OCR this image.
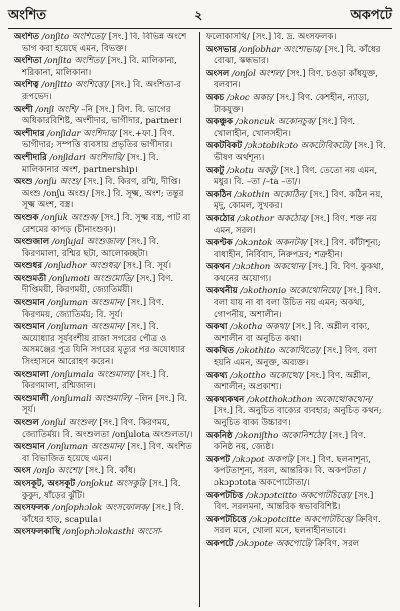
অংশিত	২	অকপটে

অংশিত /onʃito অংশিতো/ [সং.] বি. বিভিন্ন অংশে ভাগ করা হয়েছে এমন, বিভক্ত।

অংশিতা /onʃita অংশিতা/ [সং.] বি. মালিকানা, শরিকানা, মালিকানা।

অংশিত্ব /onʃitto অংশিত্তো/ [সং.] বি. অংশিতা-র রূপভেদ।

অংশী /onʃi অংশি/ –নি [সং.] বিণ. বি. ভাগের অধিকারবিশিষ্ট, অংশীদার, ভাগীদার, partner।

অংশীদার /onʃidar অংশিদার/ [সং.+ফা.] বিণ. ভাগীদার; সম্পত্তি ব্যবসায় প্রভৃতির ভাগীদার।

অংশীদারি /onʃidari অংশিদারি/ [সং.] বি. মালিকানার অংশ, partnership।

অংশু /onʃu অংশু/ [সং.] বি. কিরণ, রশ্মি, দীপ্তি। অংশু /onʃu অংশু/ [সং.] বি. সূক্ষ্ম, অংশ; তন্তুর সূক্ষ্ম অংশ, বস্ত্র।

অংশুক /onʃuk অংশুক/ [সং.] বি. সূক্ষ্ম বস্ত্র, পাট বা রেশমের কাপড় (চীনাংশুক)।

অংশুজাল /onʃujal অংশুজাল/ [সং.] বি. কিরণমালা, রশ্মির ছটা, আলোকচ্ছটা।

অংশুধর /onʃudhor অংশুধর/ [সং.] বি. সূর্য।

অংশুমতী /onʃumoti অংশুমোতি/ [সং.] বিণ. দীপ্তিময়ী, কিরণময়ী, জ্যোতির্ময়ী।

অংশুমান /onʃuman অংশুমান/ [সং.] বিণ. কিরণময়, জ্যোতির্ময়; বি. সূর্য।

অংশুমান /onʃuman অংশুমান/ [সং.] বি. অযোধ্যার সূর্যবংশীয় রাজা সগরের পৌত্র ও অসমঞ্জের পুত্র যিনি সগরের মৃত্যুর পর অযোধ্যার সিংহাসনে আরোহণ করেন।

অংশুমালা /onʃumala অংশুমালা/ [সং.] বি. কিরণমালা, রশ্মিজাল।

অংশুমালী /onʃumali অংশুমালি/ –লিন [সং.] বি. সূর্য।

অংশুল /onʃul অংশুল/ [সং.] বিণ. কিরণময়, জ্যোতির্ময়। বি. অংশুলতা /onʃulota অংশুলতা/।

অংশুমান /onʃuman অংশুমান/ [সং.] বিণ. অংশিত বা বিভাজিত হয়েছে এমন।

অংস /onʃo অংশো/ [সং.] বি. কাঁধ।

অংসকূট, অংসকূট /onʃokut অংসকুট/ [সং.] বি. কুকুদ, ষাঁড়ের ঝুঁটি।

অংসফলক /onʃophɔlok অংসফোলক/ [সং.] বি. কাঁধের হাড়, scapula।

অংসফলকাস্থি /onʃophɔlokasthi অংসো-

ফলোকাসথি/ [সং.] বি. দ্র. অংসফলক।

অংসভার /onʃobhar অংশোভার/ [সং.] বি. কাঁধের বোঝা, স্কন্ধভার।

অংসল /onʃol অংশল/ [সং.] বিণ. চওড়া কাঁধযুক্ত, বলবান।

অকচ /ɔkoc অকচ/ [সং.] বিণ. কেশহীন, ন্যাড়া, টাকযুক্ত।

অকঞ্চুক /ɔkoncuk অকোনচুক/ [সং.] বিণ. খোলাহীন, খোলসহীন।

অকটবিকট /ɔkɔtobikɔto অকটোবিকটো/ [সং.] বি. ভীষণ অর্থশূন্য।

অকটু /ɔkotu অকটু/ [সং.] বিণ. তেতো নয় এমন, মধুর। বি. –তা /–ta –তা/।

অকঠিন /ɔkothin অকোঠিন/ [সং.] বিণ. কঠিন নয়, মৃদু, কোমল, সুখকর।

অকঠোর /ɔkothor অকঠোর/ [সং.] বিণ. শক্ত নয় এমন, সরল।

অকণ্টক /ɔkɔntok অকনটক/ [সং.] বিণ. কাঁটাশূন্য; বাধাহীন, নির্বিবাদ, নিরুপদ্রব; শত্রুহীন।

অকথন /ɔkɔthon অকথোন/ [সং.] বি. বিণ. কুকথা, কথনের অযোগ্য।

অকথনীয় /ɔkothonio অকোথোনিয়ো/ [সং.] বিণ. বলা যায় না বা বলা উচিত নয় এমন; অকথ্য, গোপনীয়, অশালীন।

অকথা /ɔkotha অকথা/ [সং.] বি. অশ্লীল বাক্য, অশালীন বা অনুচিত কথা।

অকথিত /ɔkothito অকোথিতো/ [সং.] বিণ. বলা হয়নি এমন, অনুক্ত, অব্যক্ত।

অকথ্য /ɔkottho অকোত্থো/ [সং.] বিণ. অশ্লীল, অশালীন; অপ্রকাশ্য।

অকথ্যকথন /ɔkotthokɔthon অকোত্থোকথোন/ [সং.] বি. অনুচিত বাক্যের ব্যবহার; অনুচিত কথন; অনুচিত বাক্য উচ্চারণ।

অকনিষ্ঠ /ɔkoniʃtho অকোনিশঠো/ [সং.] বিণ. কনিষ্ঠ নয়, জ্যেষ্ঠ।

অকপট /ɔkɔpot অকপট/ [সং.] বিণ. ছলনাশূন্য, কপটতাশূন্য, সরল, আন্তরিক। বি. অকপটতা /ɔkɔpɔtota অকপোটোতা/।

অকপটচিত্ত /ɔkɔpɔtcitto অকপোটচিত্তো/ [সং.] বিণ. সরলমনা, আন্তরিক স্বভাববিশিষ্ট।

অকপটচিত্তে /ɔkɔpotcitte অকপোটচিত্তে/ ক্রিবিণ. সরল মনে, খোলা মনে, ছলনাহীনভাবে।

অকপটে /ɔkɔpote অকপোটে/ ক্রিবিণ. সরল
